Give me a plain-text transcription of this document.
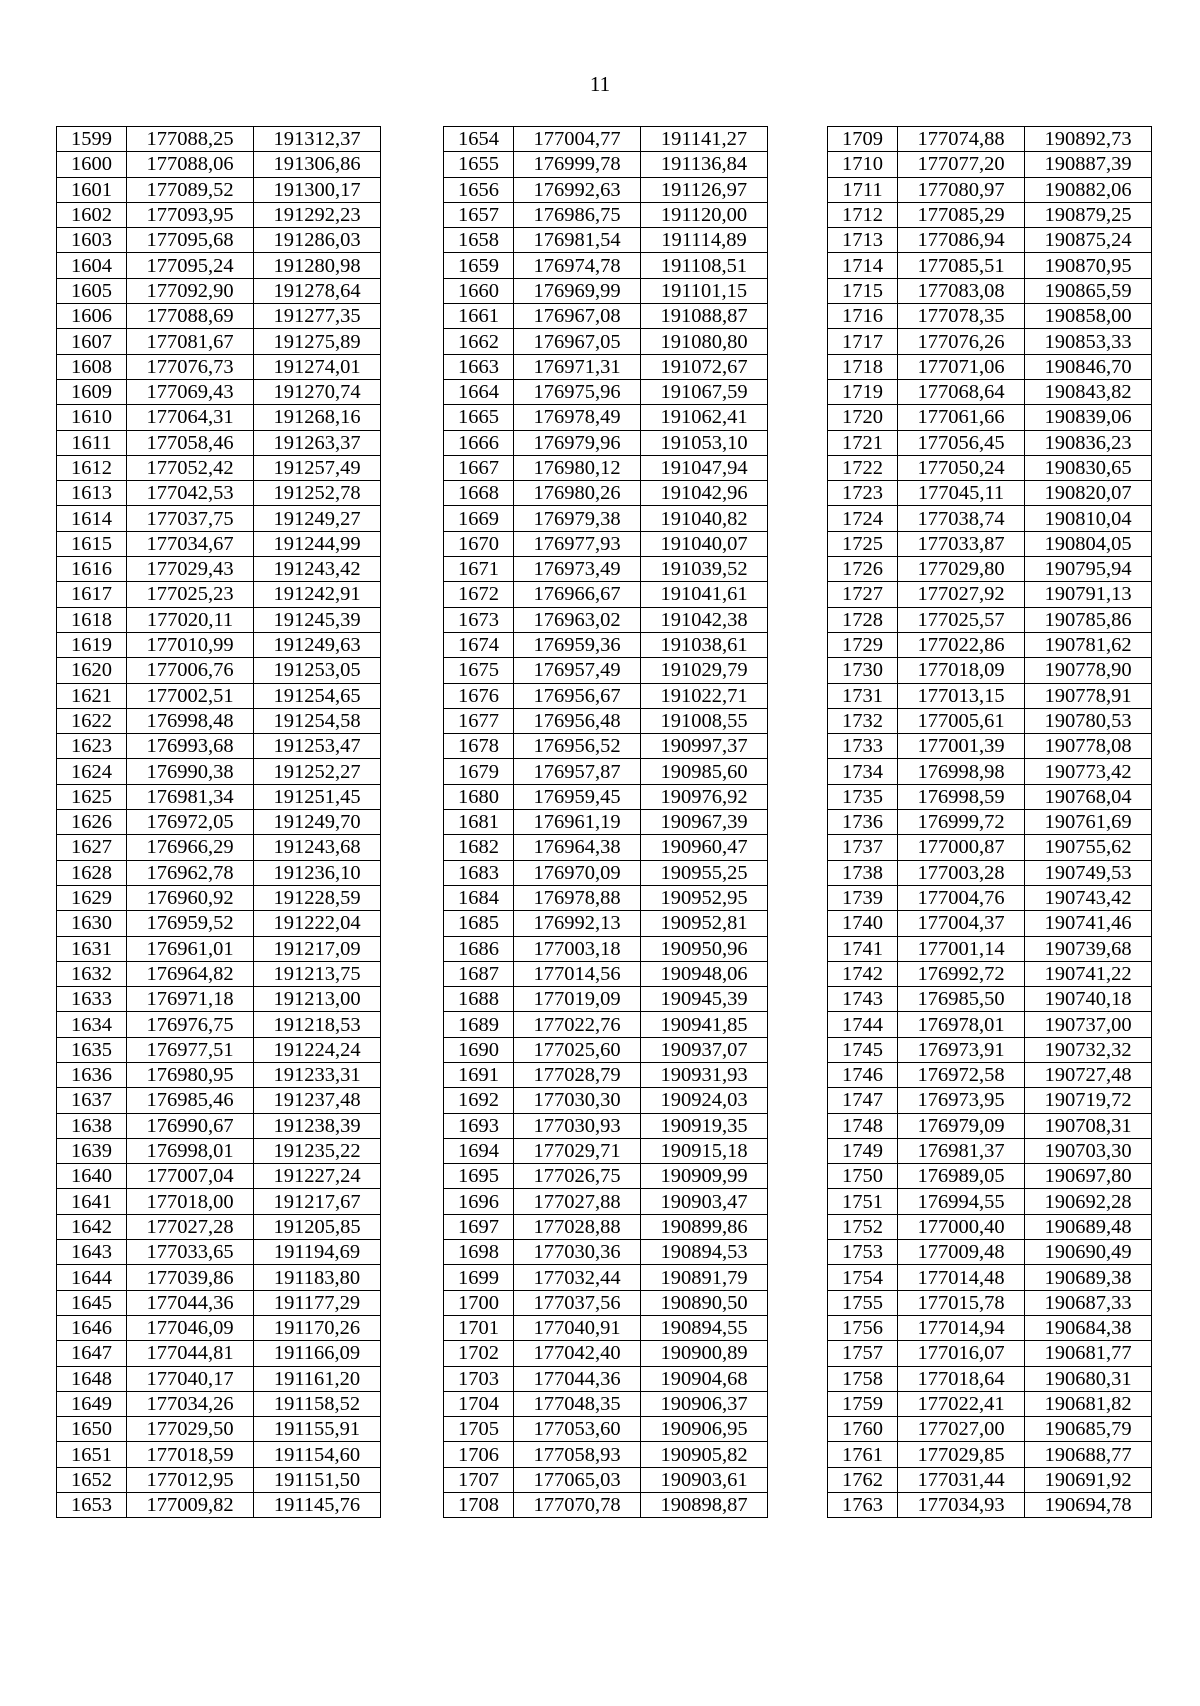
11
1599	177088,25	191312,37
1600	177088,06	191306,86
1601	177089,52	191300,17
1602	177093,95	191292,23
1603	177095,68	191286,03
1604	177095,24	191280,98
1605	177092,90	191278,64
1606	177088,69	191277,35
1607	177081,67	191275,89
1608	177076,73	191274,01
1609	177069,43	191270,74
1610	177064,31	191268,16
1611	177058,46	191263,37
1612	177052,42	191257,49
1613	177042,53	191252,78
1614	177037,75	191249,27
1615	177034,67	191244,99
1616	177029,43	191243,42
1617	177025,23	191242,91
1618	177020,11	191245,39
1619	177010,99	191249,63
1620	177006,76	191253,05
1621	177002,51	191254,65
1622	176998,48	191254,58
1623	176993,68	191253,47
1624	176990,38	191252,27
1625	176981,34	191251,45
1626	176972,05	191249,70
1627	176966,29	191243,68
1628	176962,78	191236,10
1629	176960,92	191228,59
1630	176959,52	191222,04
1631	176961,01	191217,09
1632	176964,82	191213,75
1633	176971,18	191213,00
1634	176976,75	191218,53
1635	176977,51	191224,24
1636	176980,95	191233,31
1637	176985,46	191237,48
1638	176990,67	191238,39
1639	176998,01	191235,22
1640	177007,04	191227,24
1641	177018,00	191217,67
1642	177027,28	191205,85
1643	177033,65	191194,69
1644	177039,86	191183,80
1645	177044,36	191177,29
1646	177046,09	191170,26
1647	177044,81	191166,09
1648	177040,17	191161,20
1649	177034,26	191158,52
1650	177029,50	191155,91
1651	177018,59	191154,60
1652	177012,95	191151,50
1653	177009,82	191145,76
1654	177004,77	191141,27
1655	176999,78	191136,84
1656	176992,63	191126,97
1657	176986,75	191120,00
1658	176981,54	191114,89
1659	176974,78	191108,51
1660	176969,99	191101,15
1661	176967,08	191088,87
1662	176967,05	191080,80
1663	176971,31	191072,67
1664	176975,96	191067,59
1665	176978,49	191062,41
1666	176979,96	191053,10
1667	176980,12	191047,94
1668	176980,26	191042,96
1669	176979,38	191040,82
1670	176977,93	191040,07
1671	176973,49	191039,52
1672	176966,67	191041,61
1673	176963,02	191042,38
1674	176959,36	191038,61
1675	176957,49	191029,79
1676	176956,67	191022,71
1677	176956,48	191008,55
1678	176956,52	190997,37
1679	176957,87	190985,60
1680	176959,45	190976,92
1681	176961,19	190967,39
1682	176964,38	190960,47
1683	176970,09	190955,25
1684	176978,88	190952,95
1685	176992,13	190952,81
1686	177003,18	190950,96
1687	177014,56	190948,06
1688	177019,09	190945,39
1689	177022,76	190941,85
1690	177025,60	190937,07
1691	177028,79	190931,93
1692	177030,30	190924,03
1693	177030,93	190919,35
1694	177029,71	190915,18
1695	177026,75	190909,99
1696	177027,88	190903,47
1697	177028,88	190899,86
1698	177030,36	190894,53
1699	177032,44	190891,79
1700	177037,56	190890,50
1701	177040,91	190894,55
1702	177042,40	190900,89
1703	177044,36	190904,68
1704	177048,35	190906,37
1705	177053,60	190906,95
1706	177058,93	190905,82
1707	177065,03	190903,61
1708	177070,78	190898,87
1709	177074,88	190892,73
1710	177077,20	190887,39
1711	177080,97	190882,06
1712	177085,29	190879,25
1713	177086,94	190875,24
1714	177085,51	190870,95
1715	177083,08	190865,59
1716	177078,35	190858,00
1717	177076,26	190853,33
1718	177071,06	190846,70
1719	177068,64	190843,82
1720	177061,66	190839,06
1721	177056,45	190836,23
1722	177050,24	190830,65
1723	177045,11	190820,07
1724	177038,74	190810,04
1725	177033,87	190804,05
1726	177029,80	190795,94
1727	177027,92	190791,13
1728	177025,57	190785,86
1729	177022,86	190781,62
1730	177018,09	190778,90
1731	177013,15	190778,91
1732	177005,61	190780,53
1733	177001,39	190778,08
1734	176998,98	190773,42
1735	176998,59	190768,04
1736	176999,72	190761,69
1737	177000,87	190755,62
1738	177003,28	190749,53
1739	177004,76	190743,42
1740	177004,37	190741,46
1741	177001,14	190739,68
1742	176992,72	190741,22
1743	176985,50	190740,18
1744	176978,01	190737,00
1745	176973,91	190732,32
1746	176972,58	190727,48
1747	176973,95	190719,72
1748	176979,09	190708,31
1749	176981,37	190703,30
1750	176989,05	190697,80
1751	176994,55	190692,28
1752	177000,40	190689,48
1753	177009,48	190690,49
1754	177014,48	190689,38
1755	177015,78	190687,33
1756	177014,94	190684,38
1757	177016,07	190681,77
1758	177018,64	190680,31
1759	177022,41	190681,82
1760	177027,00	190685,79
1761	177029,85	190688,77
1762	177031,44	190691,92
1763	177034,93	190694,78
